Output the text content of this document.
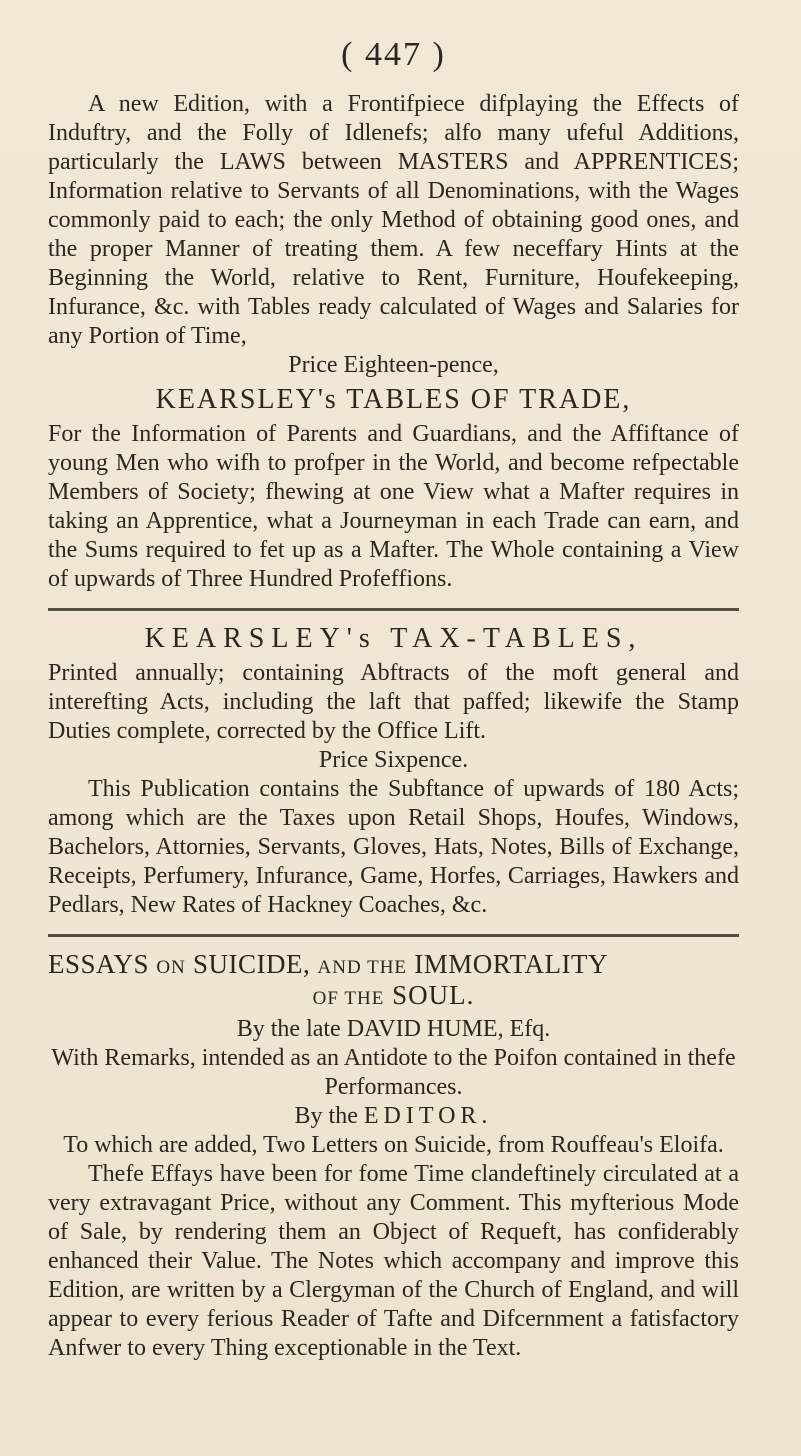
( 447 )

A new Edition, with a Frontifpiece difplaying the Effects of Induftry, and the Folly of Idlenefs; alfo many ufeful Additions, particularly the LAWS between MASTERS and APPRENTICES; Information relative to Servants of all Denominations, with the Wages commonly paid to each; the only Method of obtaining good ones, and the proper Manner of treating them. A few neceffary Hints at the Beginning the World, relative to Rent, Furniture, Houfekeeping, Infurance, &c. with Tables ready calculated of Wages and Salaries for any Portion of Time,

Price Eighteen-pence,

KEARSLEY's TABLES OF TRADE,

For the Information of Parents and Guardians, and the Affiftance of young Men who wifh to profper in the World, and become refpectable Members of Society; fhewing at one View what a Mafter requires in taking an Apprentice, what a Journeyman in each Trade can earn, and the Sums required to fet up as a Mafter. The Whole containing a View of upwards of Three Hundred Profeffions.

KEARSLEY's TAX-TABLES,

Printed annually; containing Abftracts of the moft general and interefting Acts, including the laft that paffed; likewife the Stamp Duties complete, corrected by the Office Lift.

Price Sixpence.

This Publication contains the Subftance of upwards of 180 Acts; among which are the Taxes upon Retail Shops, Houfes, Windows, Bachelors, Attornies, Servants, Gloves, Hats, Notes, Bills of Exchange, Receipts, Perfumery, Infurance, Game, Horfes, Carriages, Hawkers and Pedlars, New Rates of Hackney Coaches, &c.

ESSAYS ON SUICIDE, AND THE IMMORTALITY
OF THE SOUL.

By the late DAVID HUME, Efq.

With Remarks, intended as an Antidote to the Poifon contained in thefe Performances.

By the EDITOR.

To which are added, Two Letters on Suicide, from Rouffeau's Eloifa.

Thefe Effays have been for fome Time clandeftinely circulated at a very extravagant Price, without any Comment. This myfterious Mode of Sale, by rendering them an Object of Requeft, has confiderably enhanced their Value. The Notes which accompany and improve this Edition, are written by a Clergyman of the Church of England, and will appear to every ferious Reader of Tafte and Difcernment a fatisfactory Anfwer to every Thing exceptionable in the Text.
